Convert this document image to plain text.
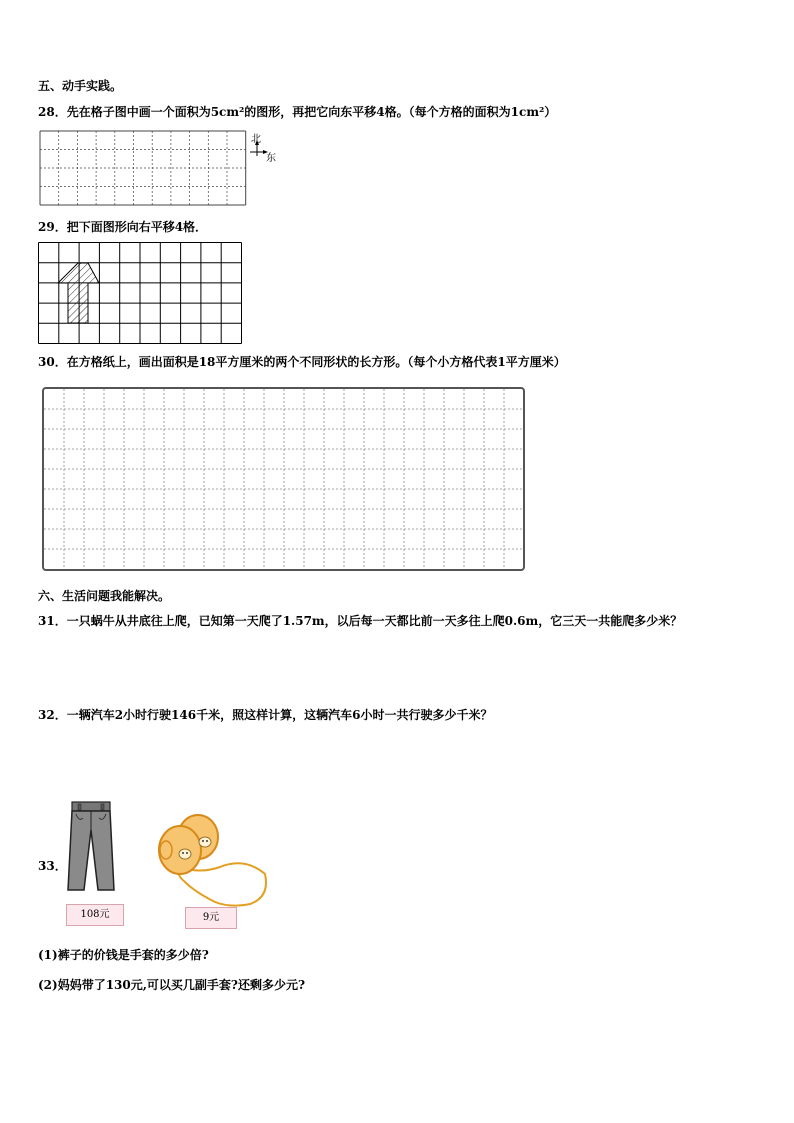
五、动手实践。
28．先在格子图中画一个面积为5cm²的图形，再把它向东平移4格。（每个方格的面积为1cm²）
北
东
29．把下面图形向右平移4格．
30．在方格纸上，画出面积是18平方厘米的两个不同形状的长方形。（每个小方格代表1平方厘米）
六、生活问题我能解决。
31．一只蜗牛从井底往上爬，已知第一天爬了1.57m，以后每一天都比前一天多往上爬0.6m，它三天一共能爬多少米？
32．一辆汽车2小时行驶146千米，照这样计算，这辆汽车6小时一共行驶多少千米？
33．
108元	9元
(1)裤子的价钱是手套的多少倍?
(2)妈妈带了130元,可以买几副手套?还剩多少元?
